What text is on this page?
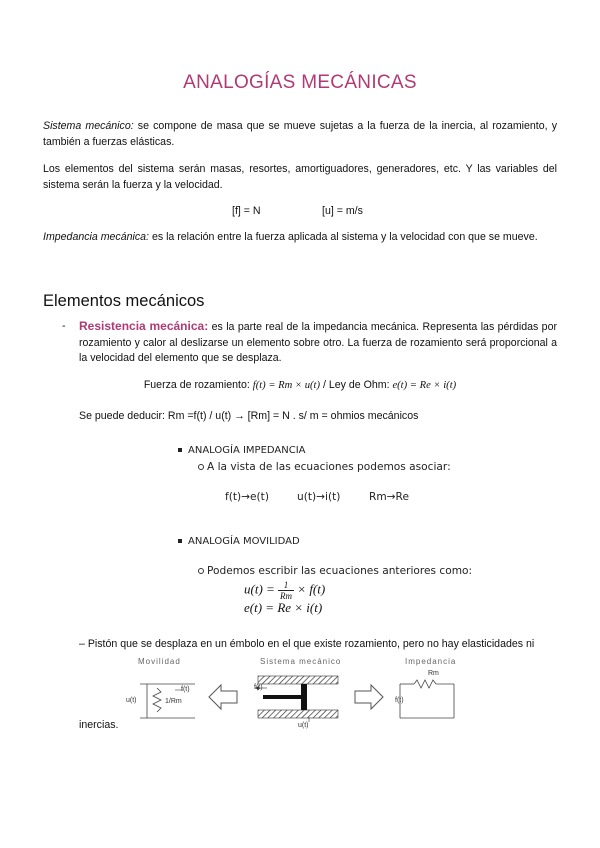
ANALOGÍAS MECÁNICAS
Sistema mecánico: se compone de masa que se mueve sujetas a la fuerza de la inercia, al rozamiento, y también a fuerzas elásticas.
Los elementos del sistema serán masas, resortes, amortiguadores, generadores, etc. Y las variables del sistema serán la fuerza y la velocidad.
[f] = N	[u] = m/s
Impedancia mecánica: es la relación entre la fuerza aplicada al sistema y la velocidad con que se mueve.
Elementos mecánicos
- Resistencia mecánica: es la parte real de la impedancia mecánica. Representa las pérdidas por rozamiento y calor al deslizarse un elemento sobre otro. La fuerza de rozamiento será proporcional a la velocidad del elemento que se desplaza.
Fuerza de rozamiento: f(t) = Rm × u(t) / Ley de Ohm: e(t) = Re × i(t)
Se puede deducir: Rm =f(t) / u(t) → [Rm] = N . s/ m = ohmios mecánicos
ANALOGÍA IMPEDANCIA
A la vista de las ecuaciones podemos asociar:
f(t)→e(t)	u(t)→i(t)	Rm→Re
ANALOGÍA MOVILIDAD
Podemos escribir las ecuaciones anteriores como:
$u(t) = \frac{1}{Rm} \times f(t)$
e(t) = Re × i(t)
– Pistón que se desplaza en un émbolo en el que existe rozamiento, pero no hay elasticidades ni
Movilidad	Sistema mecánico	Impedancia
u(t)
f(t)
1/Rm
f(t)
u(t)
Rm
f(t)
inercias.
